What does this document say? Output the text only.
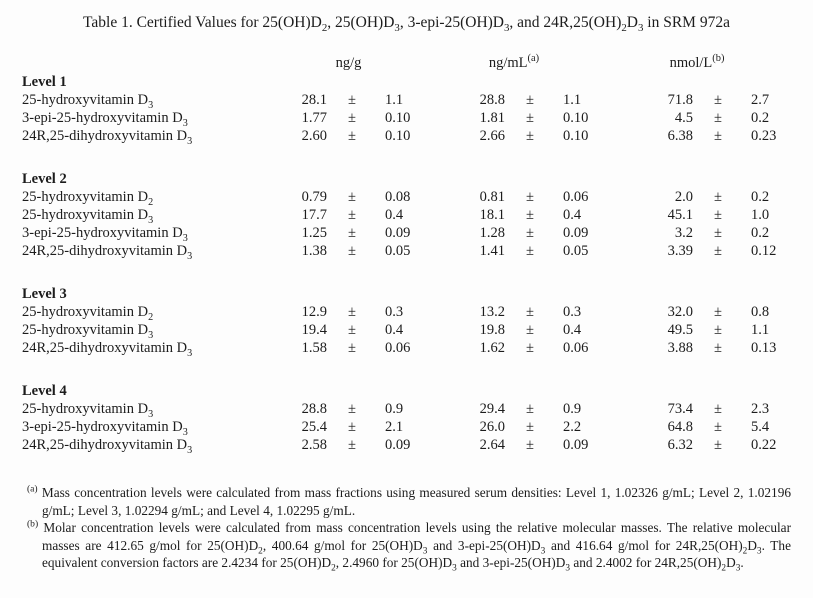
Table 1. Certified Values for $25(OH)D_2$, $25(OH)D_3$, $3-epi-25(OH)D_3$, and $24R,25(OH)_2D_3$ in SRM 972a
ng/g	$ng/mL^{(a)}$	nmol/$L^{(b)}$
Level 1
25-hydroxyvitamin $D_3$	28.1	±	1.1	28.8	±	1.1	71.8	±	2.7
3-epi-25-hydroxyvitamin $D_3$	1.77	±	0.10	1.81	±	0.10	4.5	±	0.2
24R,25-dihydroxyvitamin $D_3$	2.60	±	0.10	2.66	±	0.10	6.38	±	0.23
Level 2
25-hydroxyvitamin $D_2$	0.79	±	0.08	0.81	±	0.06	2.0	±	0.2
25-hydroxyvitamin $D_3$	17.7	±	0.4	18.1	±	0.4	45.1	±	1.0
3-epi-25-hydroxyvitamin $D_3$	1.25	±	0.09	1.28	±	0.09	3.2	±	0.2
24R,25-dihydroxyvitamin $D_3$	1.38	±	0.05	1.41	±	0.05	3.39	±	0.12
Level 3
25-hydroxyvitamin $D_2$	12.9	±	0.3	13.2	±	0.3	32.0	±	0.8
25-hydroxyvitamin $D_3$	19.4	±	0.4	19.8	±	0.4	49.5	±	1.1
24R,25-dihydroxyvitamin $D_3$	1.58	±	0.06	1.62	±	0.06	3.88	±	0.13
Level 4
25-hydroxyvitamin $D_3$	28.8	±	0.9	29.4	±	0.9	73.4	±	2.3
3-epi-25-hydroxyvitamin $D_3$	25.4	±	2.1	26.0	±	2.2	64.8	±	5.4
24R,25-dihydroxyvitamin $D_3$	2.58	±	0.09	2.64	±	0.09	6.32	±	0.22
$^{(a)}$ Mass concentration levels were calculated from mass fractions using measured serum densities: Level 1, 1.02326 g/mL; Level 2, 1.02196 g/mL; Level 3, 1.02294 g/mL; and Level 4, 1.02295 g/mL.
$^{(b)}$ Molar concentration levels were calculated from mass concentration levels using the relative molecular masses. The relative molecular masses are 412.65 g/mol for $25(OH)D_2$, 400.64 g/mol for $25(OH)D_3$ and $3-epi-25(OH)D_3$ and 416.64 g/mol for $24R,25(OH)_2D_3$. The equivalent conversion factors are 2.4234 for $25(OH)D_2$, 2.4960 for $25(OH)D_3$ and $3-epi-25(OH)D_3$ and 2.4002 for $24R,25(OH)_2D_3$.
